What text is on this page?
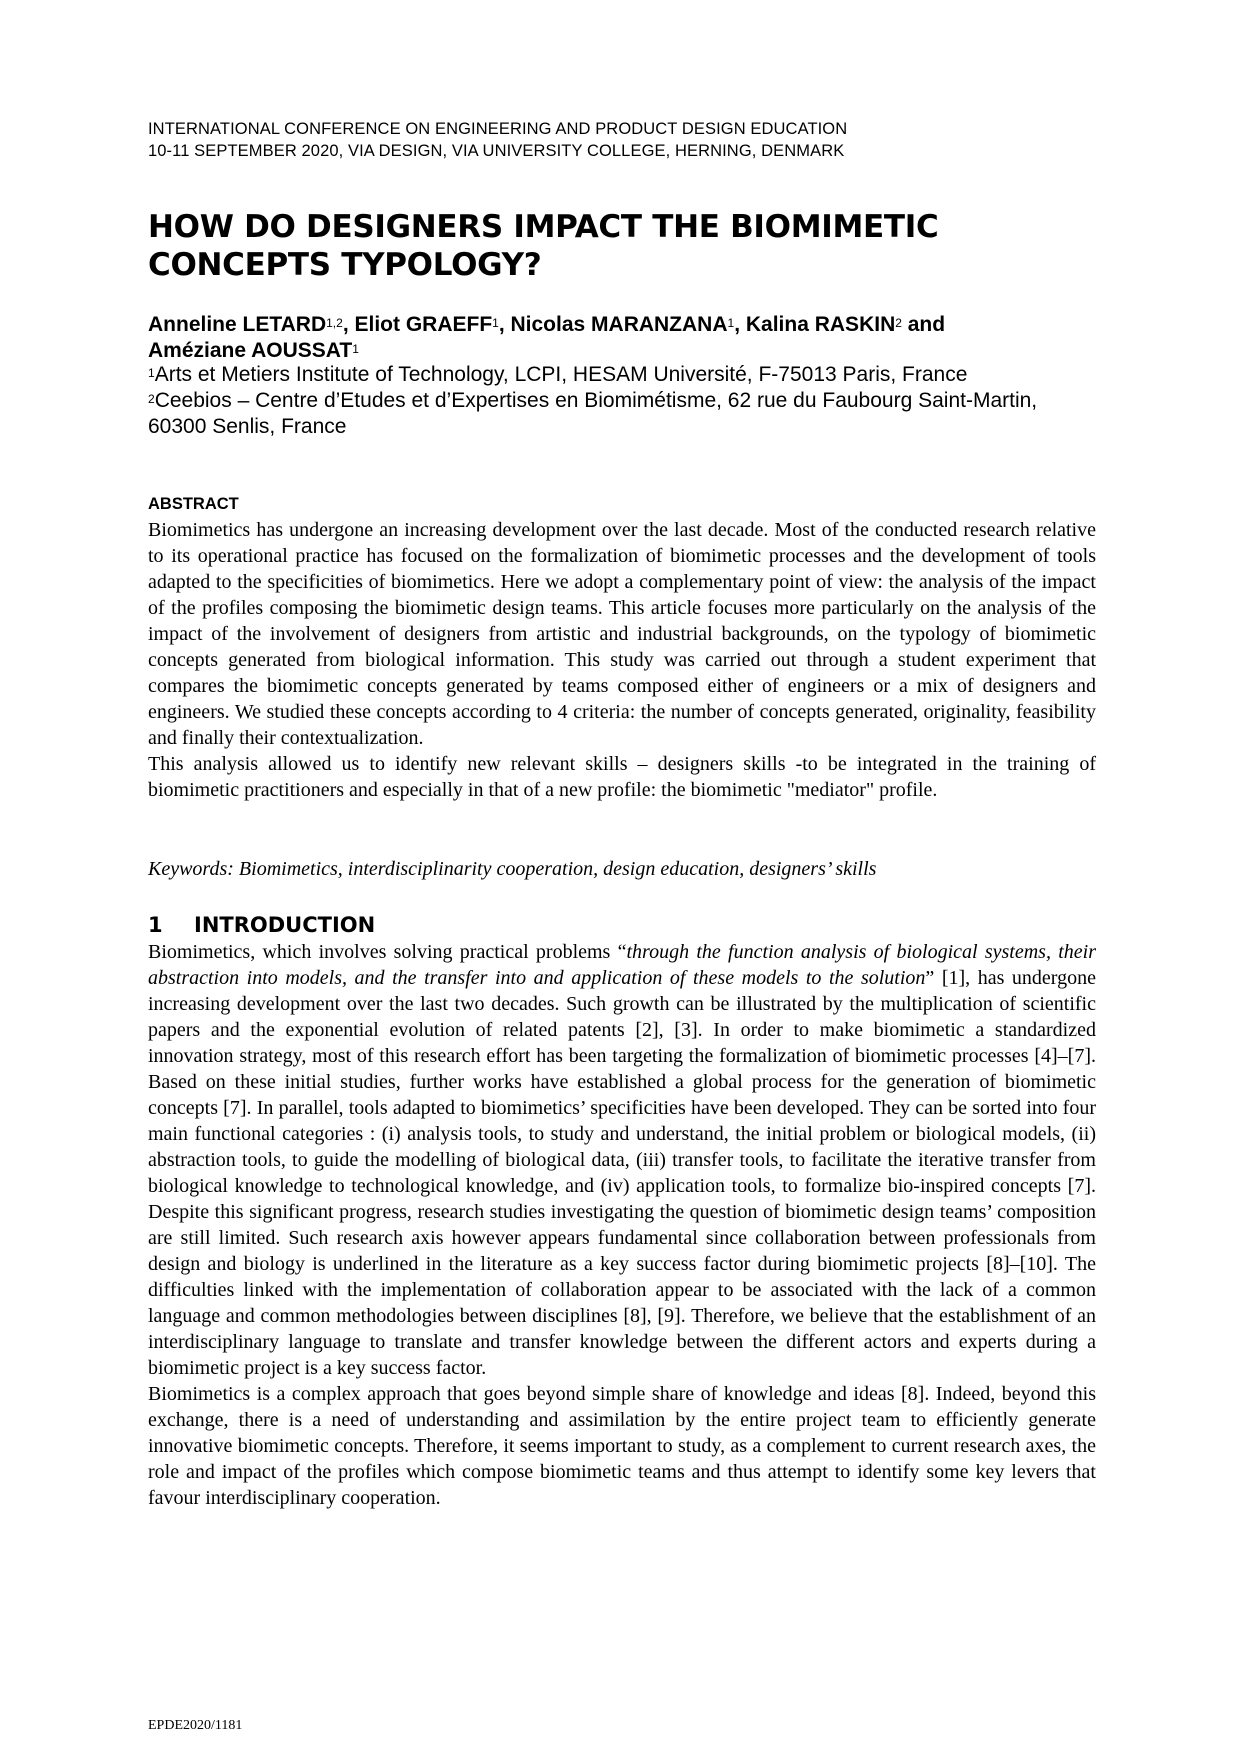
INTERNATIONAL CONFERENCE ON ENGINEERING AND PRODUCT DESIGN EDUCATION
10-11 SEPTEMBER 2020, VIA DESIGN, VIA UNIVERSITY COLLEGE, HERNING, DENMARK
HOW DO DESIGNERS IMPACT THE BIOMIMETIC
CONCEPTS TYPOLOGY?
Anneline LETARD$^{1,2}$, Eliot GRAEFF$^1$, Nicolas MARANZANA$^1$, Kalina RASKIN$^2$ and
Améziane AOUSSAT$^1$
$^1$Arts et Metiers Institute of Technology, LCPI, HESAM Université, F-75013 Paris, France
$^2$Ceebios – Centre d’Etudes et d’Expertises en Biomimétisme, 62 rue du Faubourg Saint-Martin, 60300 Senlis, France
ABSTRACT

Biomimetics has undergone an increasing development over the last decade. Most of the conducted research relative to its operational practice has focused on the formalization of biomimetic processes and the development of tools adapted to the specificities of biomimetics. Here we adopt a complementary point of view: the analysis of the impact of the profiles composing the biomimetic design teams. This article focuses more particularly on the analysis of the impact of the involvement of designers from artistic and industrial backgrounds, on the typology of biomimetic concepts generated from biological information. This study was carried out through a student experiment that compares the biomimetic concepts generated by teams composed either of engineers or a mix of designers and engineers. We studied these concepts according to 4 criteria: the number of concepts generated, originality, feasibility and finally their contextualization.

This analysis allowed us to identify new relevant skills – designers skills -to be integrated in the training of biomimetic practitioners and especially in that of a new profile: the biomimetic "mediator" profile.

Keywords: Biomimetics, interdisciplinarity cooperation, design education, designers’ skills
1 INTRODUCTION

Biomimetics, which involves solving practical problems “through the function analysis of biological systems, their abstraction into models, and the transfer into and application of these models to the solution” [1], has undergone increasing development over the last two decades. Such growth can be illustrated by the multiplication of scientific papers and the exponential evolution of related patents [2], [3]. In order to make biomimetic a standardized innovation strategy, most of this research effort has been targeting the formalization of biomimetic processes [4]–[7]. Based on these initial studies, further works have established a global process for the generation of biomimetic concepts [7]. In parallel, tools adapted to biomimetics’ specificities have been developed. They can be sorted into four main functional categories : (i) analysis tools, to study and understand, the initial problem or biological models, (ii) abstraction tools, to guide the modelling of biological data, (iii) transfer tools, to facilitate the iterative transfer from biological knowledge to technological knowledge, and (iv) application tools, to formalize bio-inspired concepts [7]. Despite this significant progress, research studies investigating the question of biomimetic design teams’ composition are still limited. Such research axis however appears fundamental since collaboration between professionals from design and biology is underlined in the literature as a key success factor during biomimetic projects [8]–[10]. The difficulties linked with the implementation of collaboration appear to be associated with the lack of a common language and common methodologies between disciplines [8], [9]. Therefore, we believe that the establishment of an interdisciplinary language to translate and transfer knowledge between the different actors and experts during a biomimetic project is a key success factor.

Biomimetics is a complex approach that goes beyond simple share of knowledge and ideas [8]. Indeed, beyond this exchange, there is a need of understanding and assimilation by the entire project team to efficiently generate innovative biomimetic concepts. Therefore, it seems important to study, as a complement to current research axes, the role and impact of the profiles which compose biomimetic teams and thus attempt to identify some key levers that favour interdisciplinary cooperation.

EPDE2020/1181
